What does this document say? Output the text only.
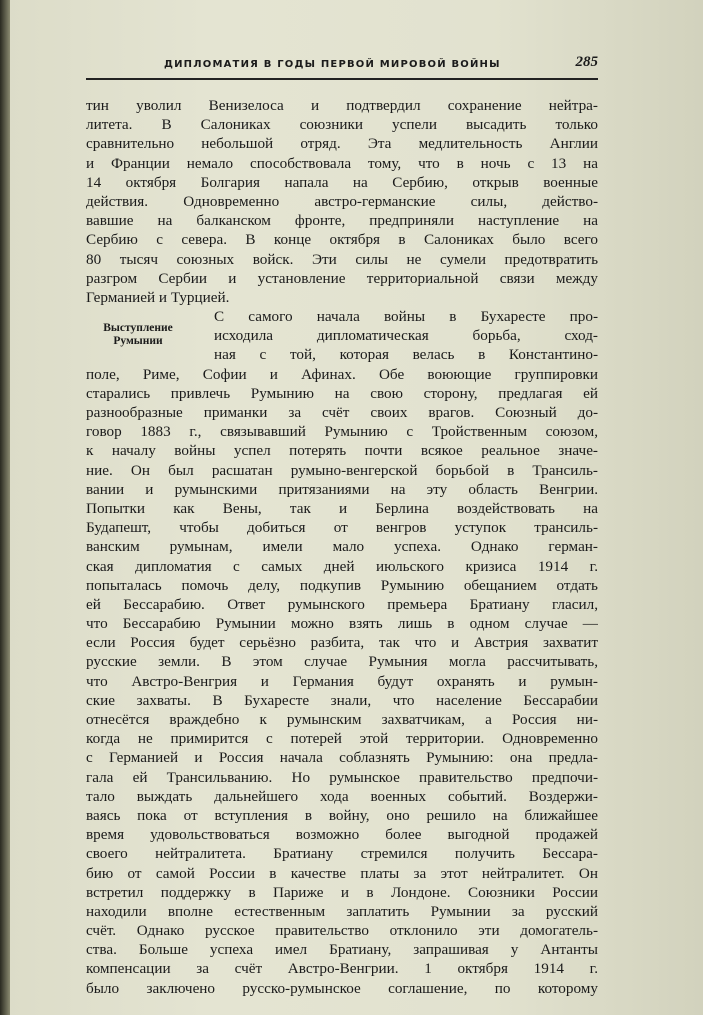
ДИПЛОМАТИЯ В ГОДЫ ПЕРВОЙ МИРОВОЙ ВОЙНЫ	285
тин уволил Венизелоса и подтвердил сохранение нейтра-
литета. В Салониках союзники успели высадить только
сравнительно небольшой отряд. Эта медлительность Англии
и Франции немало способствовала тому, что в ночь с 13 на
14 октября Болгария напала на Сербию, открыв военные
действия. Одновременно австро-германские силы, действо-
вавшие на балканском фронте, предприняли наступление на
Сербию с севера. В конце октября в Салониках было всего
80 тысяч союзных войск. Эти силы не сумели предотвратить
разгром Сербии и установление территориальной связи между
Германией и Турцией.
Выступление
Румынии
С самого начала войны в Бухаресте про-
исходила дипломатическая борьба, сход-
ная с той, которая велась в Константино-
поле, Риме, Софии и Афинах. Обе воюющие группировки
старались привлечь Румынию на свою сторону, предлагая ей
разнообразные приманки за счёт своих врагов. Союзный до-
говор 1883 г., связывавший Румынию с Тройственным союзом,
к началу войны успел потерять почти всякое реальное значе-
ние. Он был расшатан румыно-венгерской борьбой в Трансиль-
вании и румынскими притязаниями на эту область Венгрии.
Попытки как Вены, так и Берлина воздействовать на
Будапешт, чтобы добиться от венгров уступок трансиль-
ванским румынам, имели мало успеха. Однако герман-
ская дипломатия с самых дней июльского кризиса 1914 г.
попыталась помочь делу, подкупив Румынию обещанием отдать
ей Бессарабию. Ответ румынского премьера Братиану гласил,
что Бессарабию Румынии можно взять лишь в одном случае —
если Россия будет серьёзно разбита, так что и Австрия захватит
русские земли. В этом случае Румыния могла рассчитывать,
что Австро-Венгрия и Германия будут охранять и румын-
ские захваты. В Бухаресте знали, что население Бессарабии
отнесётся враждебно к румынским захватчикам, а Россия ни-
когда не примирится с потерей этой территории. Одновременно
с Германией и Россия начала соблазнять Румынию: она предла-
гала ей Трансильванию. Но румынское правительство предпочи-
тало выждать дальнейшего хода военных событий. Воздержи-
ваясь пока от вступления в войну, оно решило на ближайшее
время удовольствоваться возможно более выгодной продажей
своего нейтралитета. Братиану стремился получить Бессара-
бию от самой России в качестве платы за этот нейтралитет. Он
встретил поддержку в Париже и в Лондоне. Союзники России
находили вполне естественным заплатить Румынии за русский
счёт. Однако русское правительство отклонило эти домогатель-
ства. Больше успеха имел Братиану, запрашивая у Антанты
компенсации за счёт Австро-Венгрии. 1 октября 1914 г.
было заключено русско-румынское соглашение, по которому
